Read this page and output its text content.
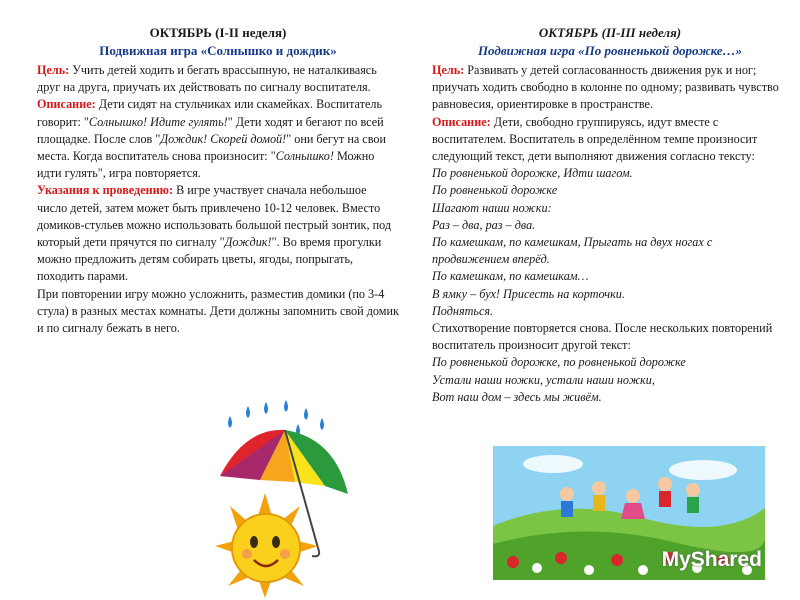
ОКТЯБРЬ (I-II неделя)
Подвижная игра «Солнышко и дождик»

Цель: Учить детей ходить и бегать врассыпную, не наталкиваясь друг на друга, приучать их действовать по сигналу воспитателя.

Описание: Дети сидят на стульчиках или скамейках. Воспитатель говорит: "Солнышко! Идите гулять!" Дети ходят и бегают по всей площадке. После слов "Дождик! Скорей домой!" они бегут на свои места. Когда воспитатель снова произносит: "Солнышко! Можно идти гулять", игра повторяется.

Указания к проведению: В игре участвует сначала небольшое число детей, затем может быть привлечено 10-12 человек. Вместо домиков-стульев можно использовать большой пестрый зонтик, под который дети прячутся по сигналу "Дождик!". Во время прогулки можно предложить детям собирать цветы, ягоды, попрыгать, походить парами.

При повторении игру можно усложнить, разместив домики (по 3-4 стула) в разных местах комнаты. Дети должны запомнить свой домик и по сигналу бежать в него.

ОКТЯБРЬ (II-III неделя)
Подвижная игра «По ровненькой дорожке…»

Цель: Развивать у детей согласованность движения рук и ног; приучать ходить свободно в колонне по одному; развивать чувство равновесия, ориентировке в пространстве.

Описание: Дети, свободно группируясь, идут вместе с воспитателем. Воспитатель в определённом темпе произносит следующий текст, дети выполняют движения согласно тексту:

По ровненькой дорожке, Идти шагом.

По ровненькой дорожке

Шагают наши ножки:

Раз – два, раз – два.

По камешкам, по камешкам, Прыгать на двух ногах с продвижением вперёд.

По камешкам, по камешкам…

В ямку – бух! Присесть на корточки.

Подняться.

Стихотворение повторяется снова. После нескольких повторений воспитатель произносит другой текст:

По ровненькой дорожке, по ровненькой дорожке

Устали наши ножки, устали наши ножки,

Вот наш дом – здесь мы живём.

MyShared
